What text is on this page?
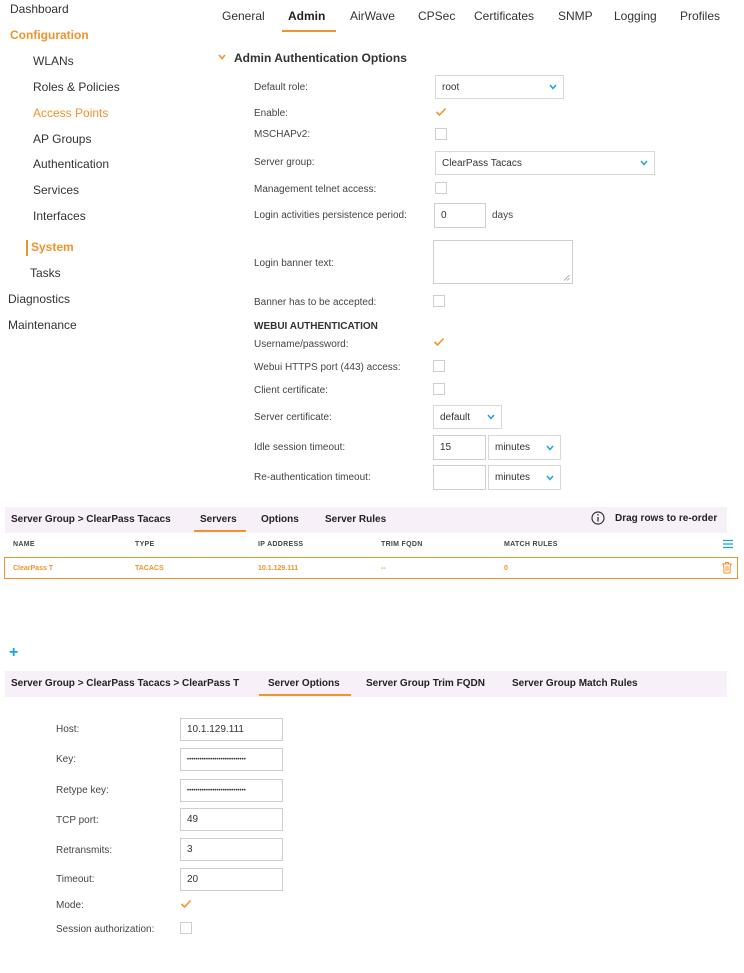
Dashboard
Configuration
WLANs
Roles & Policies
Access Points
AP Groups
Authentication
Services
Interfaces
System
Tasks
Diagnostics
Maintenance
General Admin AirWave CPSec Certificates SNMP Logging Profiles
Admin Authentication Options
Default role:	root
Enable:
MSCHAPv2:
Server group:	ClearPass Tacacs
Management telnet access:
Login activities persistence period:	0	days
Login banner text:
Banner has to be accepted:
WEBUI AUTHENTICATION
Username/password:
Webui HTTPS port (443) access:
Client certificate:
Server certificate:	default
Idle session timeout:	15	minutes
Re-authentication timeout:	minutes
Server Group > ClearPass Tacacs	Servers Options	Server Rules	Drag rows to re-order
NAME	TYPE	IP ADDRESS	TRIM FQDN	MATCH RULES
ClearPass T	TACACS	10.1.129.111	--	0
+
Server Group > ClearPass Tacacs > ClearPass T	Server Options	Server Group Trim FQDN	Server Group Match Rules
Host:	10.1.129.111
Key:	••••••••••••••••••••••••••••
Retype key:	••••••••••••••••••••••••••••
TCP port:	49
Retransmits:	3
Timeout:	20
Mode:
Session authorization:
